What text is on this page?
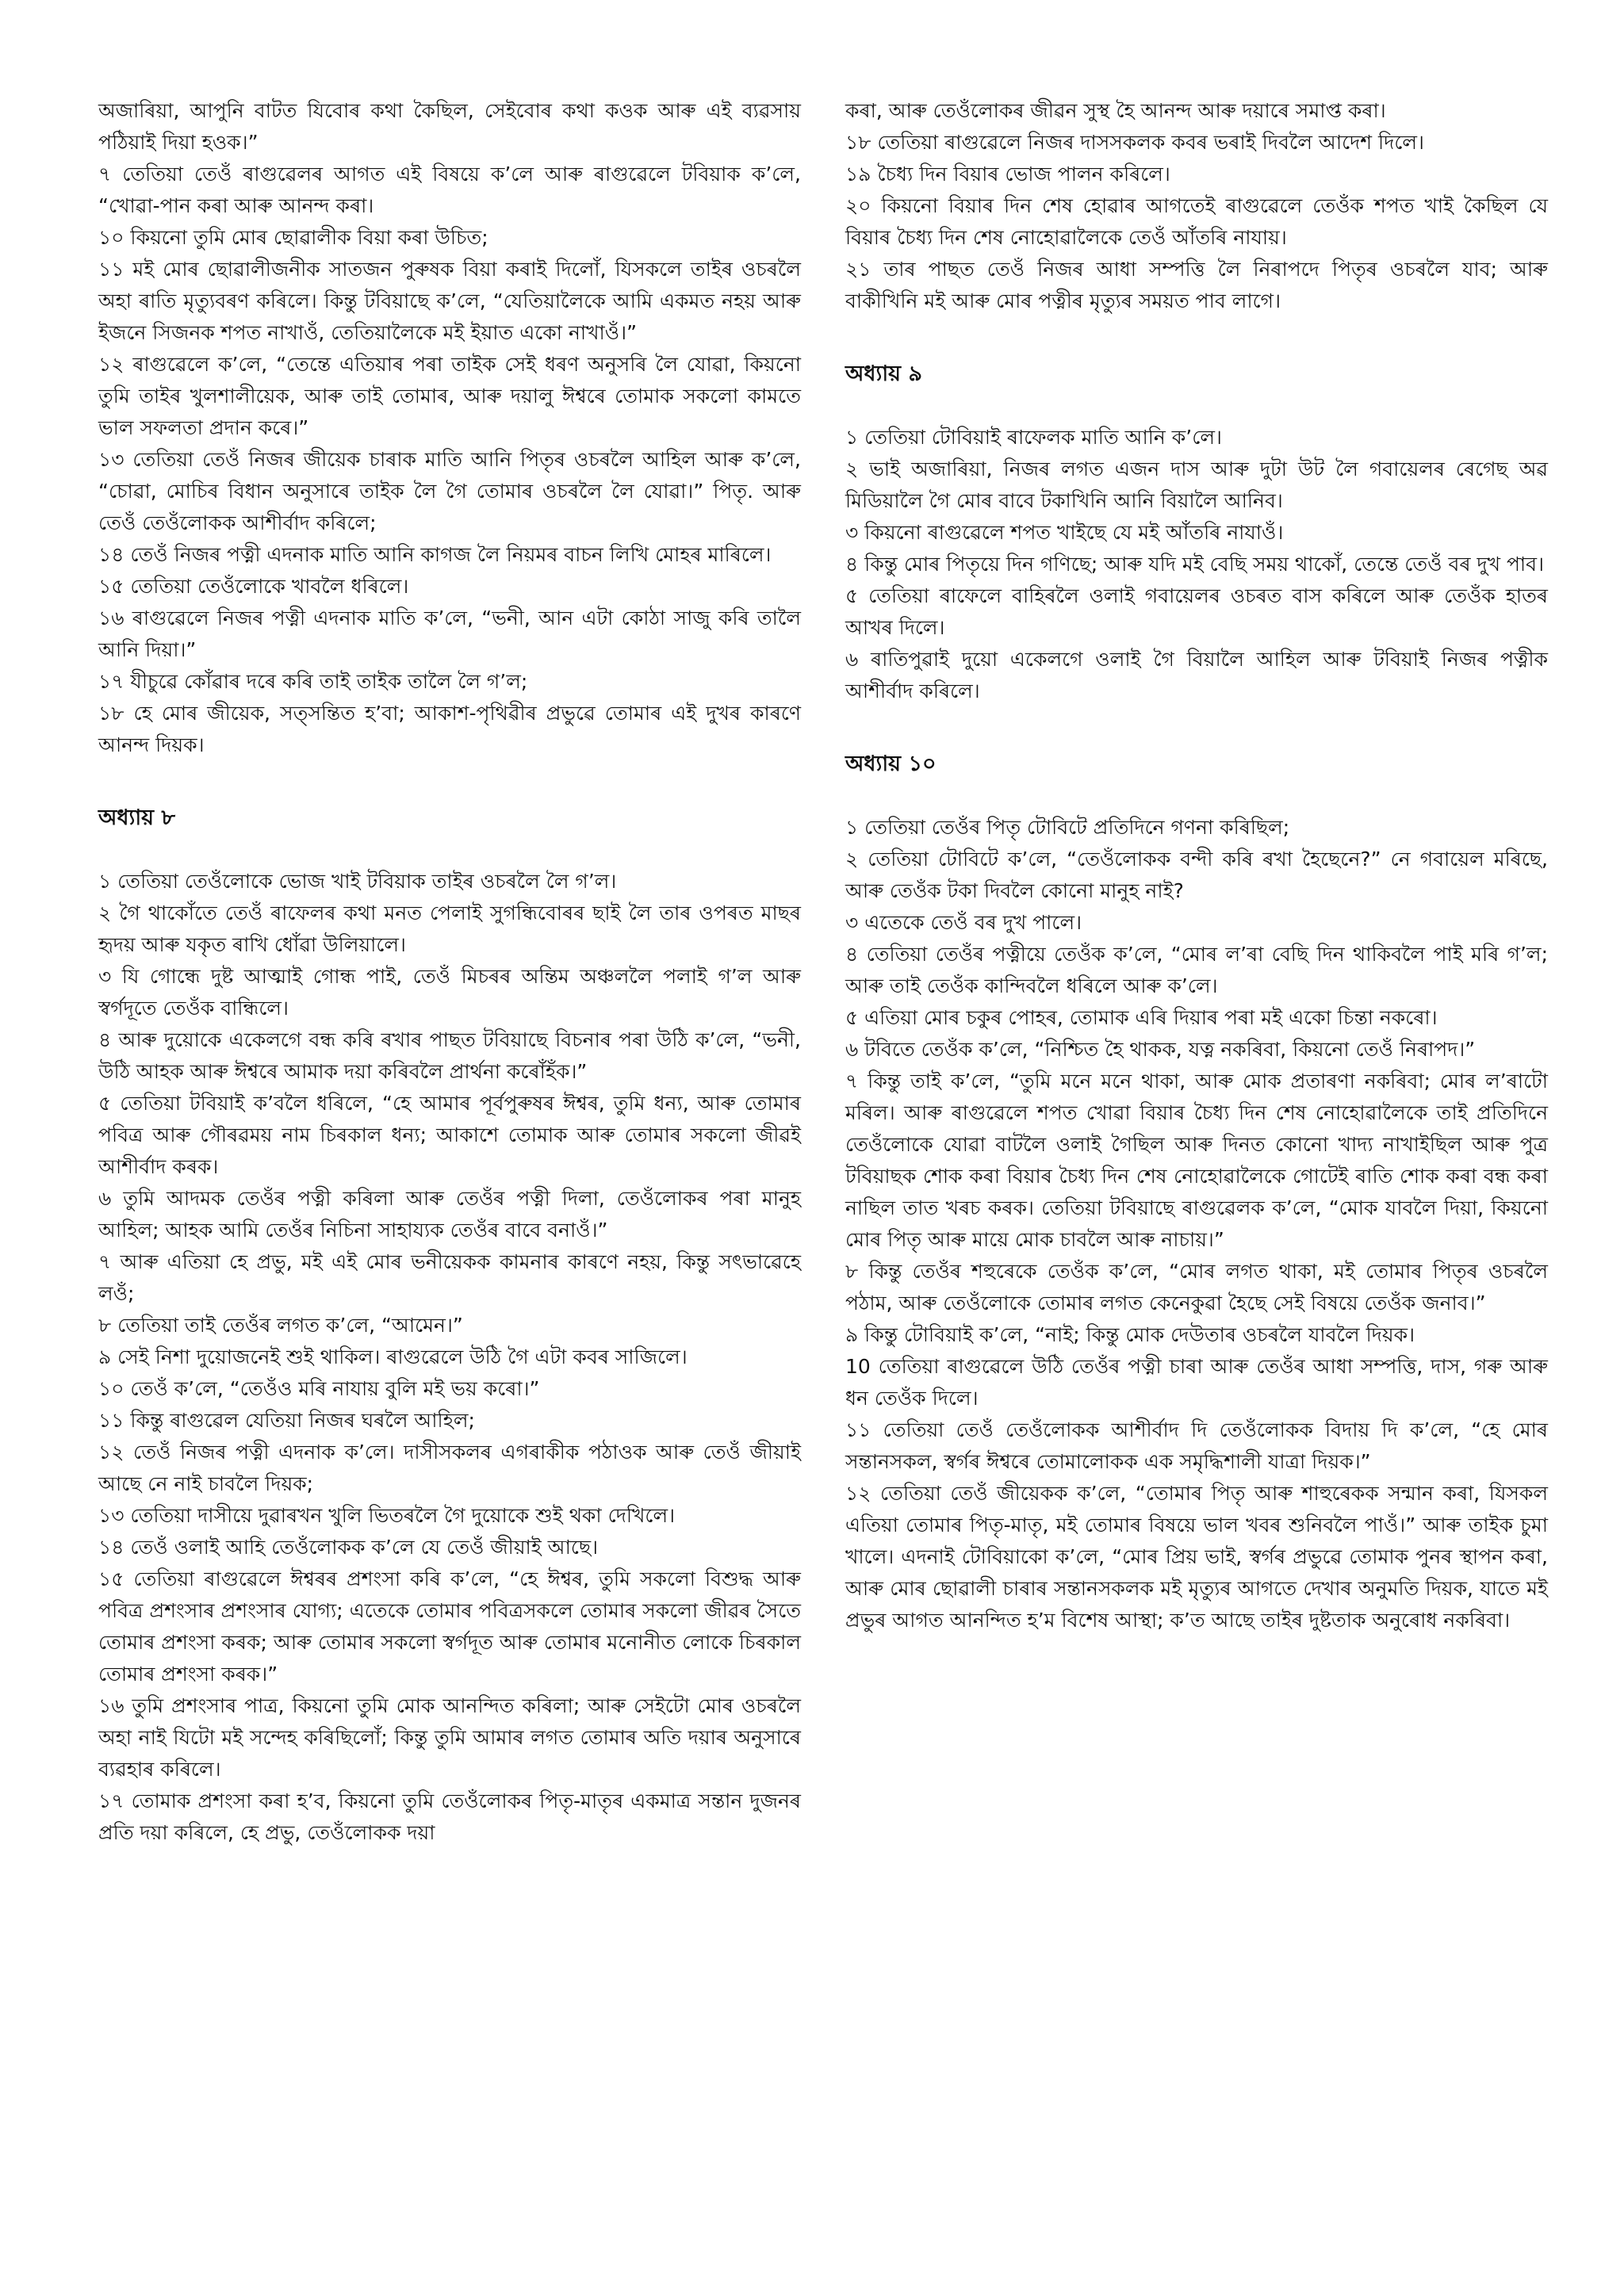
অজাৰিয়া, আপুনি বাটত যিবোৰ কথা কৈছিল, সেইবোৰ কথা কওক আৰু এই ব্যৱসায় পঠিয়াই দিয়া হওক।”

৭ তেতিয়া তেওঁ ৰাগুৱেলৰ আগত এই বিষয়ে ক’লে আৰু ৰাগুৱেলে টবিয়াক ক’লে, “খোৱা-পান কৰা আৰু আনন্দ কৰা।

১০ কিয়নো তুমি মোৰ ছোৱালীক বিয়া কৰা উচিত;

১১ মই মোৰ ছোৱালীজনীক সাতজন পুৰুষক বিয়া কৰাই দিলোঁ, যিসকলে তাইৰ ওচৰলৈ অহা ৰাতি মৃত্যুবৰণ কৰিলে। কিন্তু টবিয়াছে ক’লে, “যেতিয়ালৈকে আমি একমত নহয় আৰু ইজনে সিজনক শপত নাখাওঁ, তেতিয়ালৈকে মই ইয়াত একো নাখাওঁ।”

১২ ৰাগুৱেলে ক’লে, “তেন্তে এতিয়াৰ পৰা তাইক সেই ধৰণ অনুসৰি লৈ যোৱা, কিয়নো তুমি তাইৰ খুলশালীয়েক, আৰু তাই তোমাৰ, আৰু দয়ালু ঈশ্বৰে তোমাক সকলো কামতে ভাল সফলতা প্ৰদান কৰে।”

১৩ তেতিয়া তেওঁ নিজৰ জীয়েক চাৰাক মাতি আনি পিতৃৰ ওচৰলৈ আহিল আৰু ক’লে, “চোৱা, মোচিৰ বিধান অনুসাৰে তাইক লৈ গৈ তোমাৰ ওচৰলৈ লৈ যোৱা।” পিতৃ. আৰু তেওঁ তেওঁলোকক আশীৰ্বাদ কৰিলে;

১৪ তেওঁ নিজৰ পত্নী এদনাক মাতি আনি কাগজ লৈ নিয়মৰ বাচন লিখি মোহৰ মাৰিলে।

১৫ তেতিয়া তেওঁলোকে খাবলৈ ধৰিলে।

১৬ ৰাগুৱেলে নিজৰ পত্নী এদনাক মাতি ক’লে, “ভনী, আন এটা কোঠা সাজু কৰি তালৈ আনি দিয়া।”

১৭ যীচুৱে কোঁৱাৰ দৰে কৰি তাই তাইক তালৈ লৈ গ’ল;

১৮ হে মোৰ জীয়েক, সত্সন্তিত হ’বা; আকাশ-পৃথিৱীৰ প্ৰভুৱে তোমাৰ এই দুখৰ কাৰণে আনন্দ দিয়ক।

অধ্যায় ৮

১ তেতিয়া তেওঁলোকে ভোজ খাই টবিয়াক তাইৰ ওচৰলৈ লৈ গ’ল।

২ গৈ থাকোঁতে তেওঁ ৰাফেলৰ কথা মনত পেলাই সুগন্ধিবোৰৰ ছাই লৈ তাৰ ওপৰত মাছৰ হৃদয় আৰু যকৃত ৰাখি ধোঁৱা উলিয়ালে।

৩ যি গোন্ধে দুষ্ট আত্মাই গোন্ধ পাই, তেওঁ মিচৰৰ অন্তিম অঞ্চললৈ পলাই গ’ল আৰু স্বৰ্গদূতে তেওঁক বান্ধিলে।

৪ আৰু দুয়োকে একেলগে বন্ধ কৰি ৰখাৰ পাছত টবিয়াছে বিচনাৰ পৰা উঠি ক’লে, “ভনী, উঠি আহক আৰু ঈশ্বৰে আমাক দয়া কৰিবলৈ প্ৰাৰ্থনা কৰোঁহঁক।”

৫ তেতিয়া টবিয়াই ক’বলৈ ধৰিলে, “হে আমাৰ পূৰ্বপুৰুষৰ ঈশ্বৰ, তুমি ধন্য, আৰু তোমাৰ পবিত্ৰ আৰু গৌৰৱময় নাম চিৰকাল ধন্য; আকাশে তোমাক আৰু তোমাৰ সকলো জীৱই আশীৰ্বাদ কৰক।

৬ তুমি আদমক তেওঁৰ পত্নী কৰিলা আৰু তেওঁৰ পত্নী দিলা, তেওঁলোকৰ পৰা মানুহ আহিল; আহক আমি তেওঁৰ নিচিনা সাহায্যক তেওঁৰ বাবে বনাওঁ।”

৭ আৰু এতিয়া হে প্ৰভু, মই এই মোৰ ভনীয়েকক কামনাৰ কাৰণে নহয়, কিন্তু সৎভাৱেহে লওঁ;

৮ তেতিয়া তাই তেওঁৰ লগত ক’লে, “আমেন।”

৯ সেই নিশা দুয়োজনেই শুই থাকিল। ৰাগুৱেলে উঠি গৈ এটা কবৰ সাজিলে।

১০ তেওঁ ক’লে, “তেওঁও মৰি নাযায় বুলি মই ভয় কৰো।”

১১ কিন্তু ৰাগুৱেল যেতিয়া নিজৰ ঘৰলৈ আহিল;

১২ তেওঁ নিজৰ পত্নী এদনাক ক’লে। দাসীসকলৰ এগৰাকীক পঠাওক আৰু তেওঁ জীয়াই আছে নে নাই চাবলৈ দিয়ক;

১৩ তেতিয়া দাসীয়ে দুৱাৰখন খুলি ভিতৰলৈ গৈ দুয়োকে শুই থকা দেখিলে।

১৪ তেওঁ ওলাই আহি তেওঁলোকক ক’লে যে তেওঁ জীয়াই আছে।

১৫ তেতিয়া ৰাগুৱেলে ঈশ্বৰৰ প্ৰশংসা কৰি ক’লে, “হে ঈশ্বৰ, তুমি সকলো বিশুদ্ধ আৰু পবিত্ৰ প্ৰশংসাৰ প্ৰশংসাৰ যোগ্য; এতেকে তোমাৰ পবিত্ৰসকলে তোমাৰ সকলো জীৱৰ সৈতে তোমাৰ প্ৰশংসা কৰক; আৰু তোমাৰ সকলো স্বৰ্গদূত আৰু তোমাৰ মনোনীত লোকে চিৰকাল তোমাৰ প্ৰশংসা কৰক।”

১৬ তুমি প্ৰশংসাৰ পাত্ৰ, কিয়নো তুমি মোক আনন্দিত কৰিলা; আৰু সেইটো মোৰ ওচৰলৈ অহা নাই যিটো মই সন্দেহ কৰিছিলোঁ; কিন্তু তুমি আমাৰ লগত তোমাৰ অতি দয়াৰ অনুসাৰে ব্যৱহাৰ কৰিলে।

১৭ তোমাক প্ৰশংসা কৰা হ’ব, কিয়নো তুমি তেওঁলোকৰ পিতৃ-মাতৃৰ একমাত্ৰ সন্তান দুজনৰ প্ৰতি দয়া কৰিলে, হে প্ৰভু, তেওঁলোকক দয়া

কৰা, আৰু তেওঁলোকৰ জীৱন সুস্থ হৈ আনন্দ আৰু দয়াৰে সমাপ্ত কৰা।

১৮ তেতিয়া ৰাগুৱেলে নিজৰ দাসসকলক কবৰ ভৰাই দিবলৈ আদেশ দিলে।

১৯ চৈধ্য দিন বিয়াৰ ভোজ পালন কৰিলে।

২০ কিয়নো বিয়াৰ দিন শেষ হোৱাৰ আগতেই ৰাগুৱেলে তেওঁক শপত খাই কৈছিল যে বিয়াৰ চৈধ্য দিন শেষ নোহোৱালৈকে তেওঁ আঁতৰি নাযায়।

২১ তাৰ পাছত তেওঁ নিজৰ আধা সম্পত্তি লৈ নিৰাপদে পিতৃৰ ওচৰলৈ যাব; আৰু বাকীখিনি মই আৰু মোৰ পত্নীৰ মৃত্যুৰ সময়ত পাব লাগে।

অধ্যায় ৯

১ তেতিয়া টোবিয়াই ৰাফেলক মাতি আনি ক’লে।

২ ভাই অজাৰিয়া, নিজৰ লগত এজন দাস আৰু দুটা উট লৈ গবায়েলৰ ৰেগেছ অৱ মিডিয়ালৈ গৈ মোৰ বাবে টকাখিনি আনি বিয়ালৈ আনিব।

৩ কিয়নো ৰাগুৱেলে শপত খাইছে যে মই আঁতৰি নাযাওঁ।

৪ কিন্তু মোৰ পিতৃয়ে দিন গণিছে; আৰু যদি মই বেছি সময় থাকোঁ, তেন্তে তেওঁ বৰ দুখ পাব।

৫ তেতিয়া ৰাফেলে বাহিৰলৈ ওলাই গবায়েলৰ ওচৰত বাস কৰিলে আৰু তেওঁক হাতৰ আখৰ দিলে।

৬ ৰাতিপুৱাই দুয়ো একেলগে ওলাই গৈ বিয়ালৈ আহিল আৰু টবিয়াই নিজৰ পত্নীক আশীৰ্বাদ কৰিলে।

অধ্যায় ১০

১ তেতিয়া তেওঁৰ পিতৃ টোবিটে প্ৰতিদিনে গণনা কৰিছিল;

২ তেতিয়া টোবিটে ক’লে, “তেওঁলোকক বন্দী কৰি ৰখা হৈছেনে?” নে গবায়েল মৰিছে, আৰু তেওঁক টকা দিবলৈ কোনো মানুহ নাই?

৩ এতেকে তেওঁ বৰ দুখ পালে।

৪ তেতিয়া তেওঁৰ পত্নীয়ে তেওঁক ক’লে, “মোৰ ল’ৰা বেছি দিন থাকিবলৈ পাই মৰি গ’ল; আৰু তাই তেওঁক কান্দিবলৈ ধৰিলে আৰু ক’লে।

৫ এতিয়া মোৰ চকুৰ পোহৰ, তোমাক এৰি দিয়াৰ পৰা মই একো চিন্তা নকৰো।

৬ টবিতে তেওঁক ক’লে, “নিশ্চিত হৈ থাকক, যত্ন নকৰিবা, কিয়নো তেওঁ নিৰাপদ।”

৭ কিন্তু তাই ক’লে, “তুমি মনে মনে থাকা, আৰু মোক প্ৰতাৰণা নকৰিবা; মোৰ ল’ৰাটো মৰিল। আৰু ৰাগুৱেলে শপত খোৱা বিয়াৰ চৈধ্য দিন শেষ নোহোৱালৈকে তাই প্ৰতিদিনে তেওঁলোকে যোৱা বাটলৈ ওলাই গৈছিল আৰু দিনত কোনো খাদ্য নাখাইছিল আৰু পুত্ৰ টবিয়াছক শোক কৰা বিয়াৰ চৈধ্য দিন শেষ নোহোৱালৈকে গোটেই ৰাতি শোক কৰা বন্ধ কৰা নাছিল তাত খৰচ কৰক। তেতিয়া টবিয়াছে ৰাগুৱেলক ক’লে, “মোক যাবলৈ দিয়া, কিয়নো মোৰ পিতৃ আৰু মায়ে মোক চাবলৈ আৰু নাচায়।”

৮ কিন্তু তেওঁৰ শহুৰেকে তেওঁক ক’লে, “মোৰ লগত থাকা, মই তোমাৰ পিতৃৰ ওচৰলৈ পঠাম, আৰু তেওঁলোকে তোমাৰ লগত কেনেকুৱা হৈছে সেই বিষয়ে তেওঁক জনাব।”

৯ কিন্তু টোবিয়াই ক’লে, “নাই; কিন্তু মোক দেউতাৰ ওচৰলৈ যাবলৈ দিয়ক।

10 তেতিয়া ৰাগুৱেলে উঠি তেওঁৰ পত্নী চাৰা আৰু তেওঁৰ আধা সম্পত্তি, দাস, গৰু আৰু ধন তেওঁক দিলে।

১১ তেতিয়া তেওঁ তেওঁলোকক আশীৰ্বাদ দি তেওঁলোকক বিদায় দি ক’লে, “হে মোৰ সন্তানসকল, স্বৰ্গৰ ঈশ্বৰে তোমালোকক এক সমৃদ্ধিশালী যাত্ৰা দিয়ক।”

১২ তেতিয়া তেওঁ জীয়েকক ক’লে, “তোমাৰ পিতৃ আৰু শাহুৰেকক সন্মান কৰা, যিসকল এতিয়া তোমাৰ পিতৃ-মাতৃ, মই তোমাৰ বিষয়ে ভাল খবৰ শুনিবলৈ পাওঁ।” আৰু তাইক চুমা খালে। এদনাই টোবিয়াকো ক’লে, “মোৰ প্ৰিয় ভাই, স্বৰ্গৰ প্ৰভুৱে তোমাক পুনৰ স্থাপন কৰা, আৰু মোৰ ছোৱালী চাৰাৰ সন্তানসকলক মই মৃত্যুৰ আগতে দেখাৰ অনুমতি দিয়ক, যাতে মই প্ৰভুৰ আগত আনন্দিত হ’ম বিশেষ আস্থা; ক’ত আছে তাইৰ দুষ্টতাক অনুৰোধ নকৰিবা।
